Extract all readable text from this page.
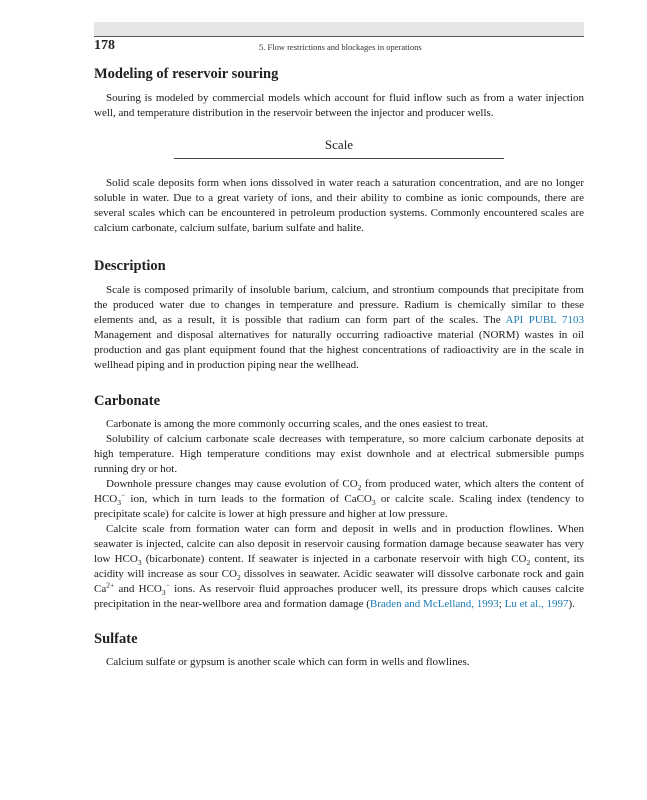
178	5. Flow restrictions and blockages in operations
Modeling of reservoir souring

Souring is modeled by commercial models which account for fluid inflow such as from a water injection well, and temperature distribution in the reservoir between the injector and producer wells.

Scale

Solid scale deposits form when ions dissolved in water reach a saturation concentration, and are no longer soluble in water. Due to a great variety of ions, and their ability to combine as ionic compounds, there are several scales which can be encountered in petroleum production systems. Commonly encountered scales are calcium carbonate, calcium sulfate, barium sulfate and halite.

Description

Scale is composed primarily of insoluble barium, calcium, and strontium compounds that precipitate from the produced water due to changes in temperature and pressure. Radium is chemically similar to these elements and, as a result, it is possible that radium can form part of the scales. The API PUBL 7103 Management and disposal alternatives for naturally occurring radioactive material (NORM) wastes in oil production and gas plant equipment found that the highest concentrations of radioactivity are in the scale in wellhead piping and in production piping near the wellhead.

Carbonate

Carbonate is among the more commonly occurring scales, and the ones easiest to treat.

Solubility of calcium carbonate scale decreases with temperature, so more calcium carbonate deposits at high temperature. High temperature conditions may exist downhole and at electrical submersible pumps running dry or hot.

Downhole pressure changes may cause evolution of $CO_2$ from produced water, which alters the content of $HCO_3^-$ ion, which in turn leads to the formation of CaCO$_3$ or calcite scale. Scaling index (tendency to precipitate scale) for calcite is lower at high pressure and higher at low pressure.

Calcite scale from formation water can form and deposit in wells and in production flowlines. When seawater is injected, calcite can also deposit in reservoir causing formation damage because seawater has very low $HCO_3$ (bicarbonate) content. If seawater is injected in a carbonate reservoir with high $CO_2$ content, its acidity will increase as sour $CO_2$ dissolves in seawater. Acidic seawater will dissolve carbonate rock and gain $Ca^{2+}$ and $HCO_3^-$ ions. As reservoir fluid approaches producer well, its pressure drops which causes calcite precipitation in the near-wellbore area and formation damage (Braden and McLelland, 1993; Lu et al., 1997).

Sulfate

Calcium sulfate or gypsum is another scale which can form in wells and flowlines.
